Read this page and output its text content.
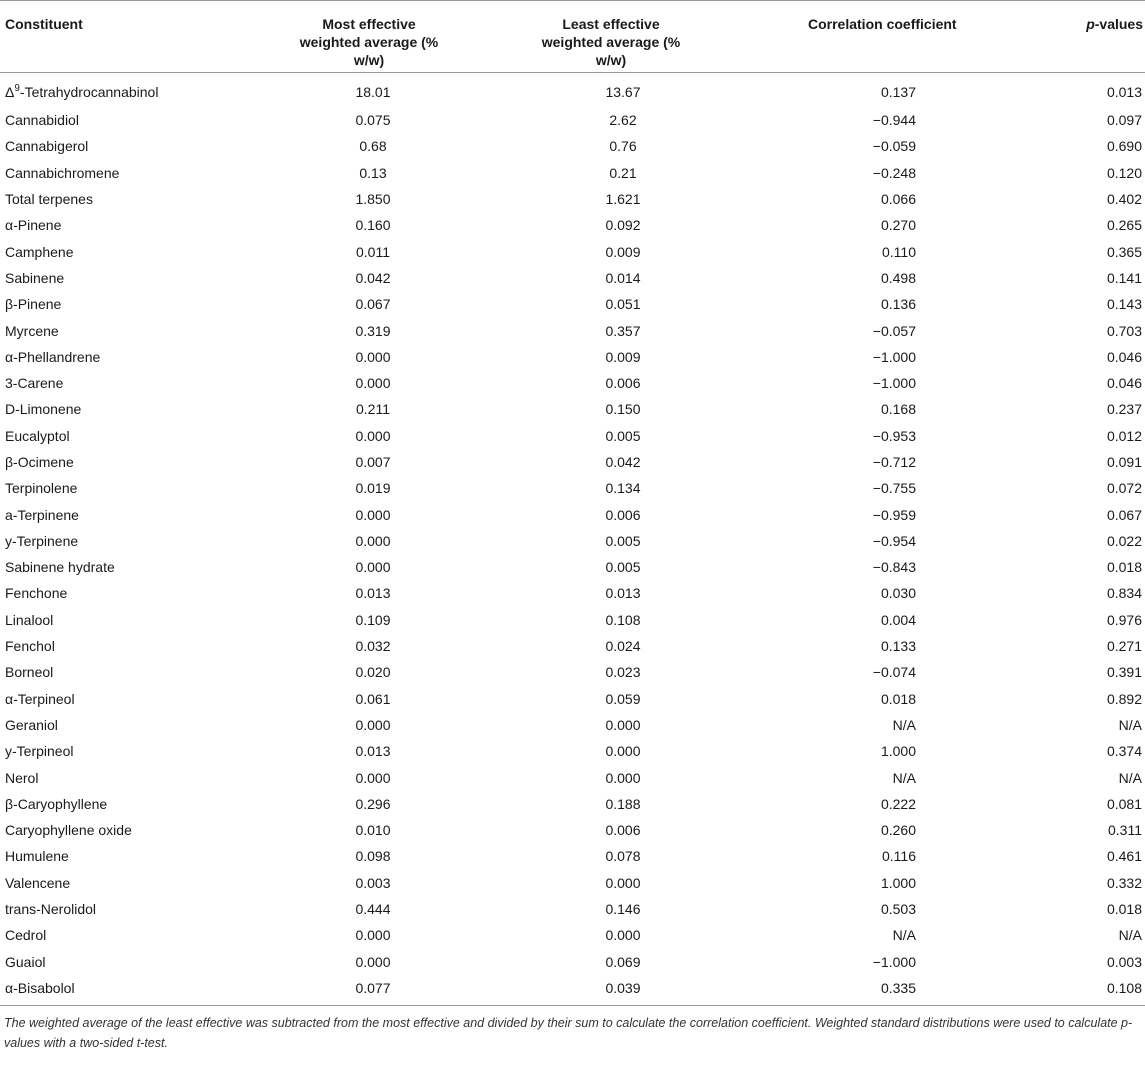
Constituent	Most effective
weighted average (%
w/w)	Least effective
weighted average (%
w/w)	Correlation coefficient	p-values
$\Delta^9$-Tetrahydrocannabinol	18.01	13.67	0.137	0.013
Cannabidiol	0.075	2.62	−0.944	0.097
Cannabigerol	0.68	0.76	−0.059	0.690
Cannabichromene	0.13	0.21	−0.248	0.120
Total terpenes	1.850	1.621	0.066	0.402
α-Pinene	0.160	0.092	0.270	0.265
Camphene	0.011	0.009	0.110	0.365
Sabinene	0.042	0.014	0.498	0.141
β-Pinene	0.067	0.051	0.136	0.143
Myrcene	0.319	0.357	−0.057	0.703
α-Phellandrene	0.000	0.009	−1.000	0.046
3-Carene	0.000	0.006	−1.000	0.046
D-Limonene	0.211	0.150	0.168	0.237
Eucalyptol	0.000	0.005	−0.953	0.012
β-Ocimene	0.007	0.042	−0.712	0.091
Terpinolene	0.019	0.134	−0.755	0.072
a-Terpinene	0.000	0.006	−0.959	0.067
y-Terpinene	0.000	0.005	−0.954	0.022
Sabinene hydrate	0.000	0.005	−0.843	0.018
Fenchone	0.013	0.013	0.030	0.834
Linalool	0.109	0.108	0.004	0.976
Fenchol	0.032	0.024	0.133	0.271
Borneol	0.020	0.023	−0.074	0.391
α-Terpineol	0.061	0.059	0.018	0.892
Geraniol	0.000	0.000	N/A	N/A
y-Terpineol	0.013	0.000	1.000	0.374
Nerol	0.000	0.000	N/A	N/A
β-Caryophyllene	0.296	0.188	0.222	0.081
Caryophyllene oxide	0.010	0.006	0.260	0.311
Humulene	0.098	0.078	0.116	0.461
Valencene	0.003	0.000	1.000	0.332
trans-Nerolidol	0.444	0.146	0.503	0.018
Cedrol	0.000	0.000	N/A	N/A
Guaiol	0.000	0.069	−1.000	0.003
α-Bisabolol	0.077	0.039	0.335	0.108
The weighted average of the least effective was subtracted from the most effective and divided by their sum to calculate the correlation coefficient. Weighted standard distributions were used to calculate p-values with a two-sided t-test.
